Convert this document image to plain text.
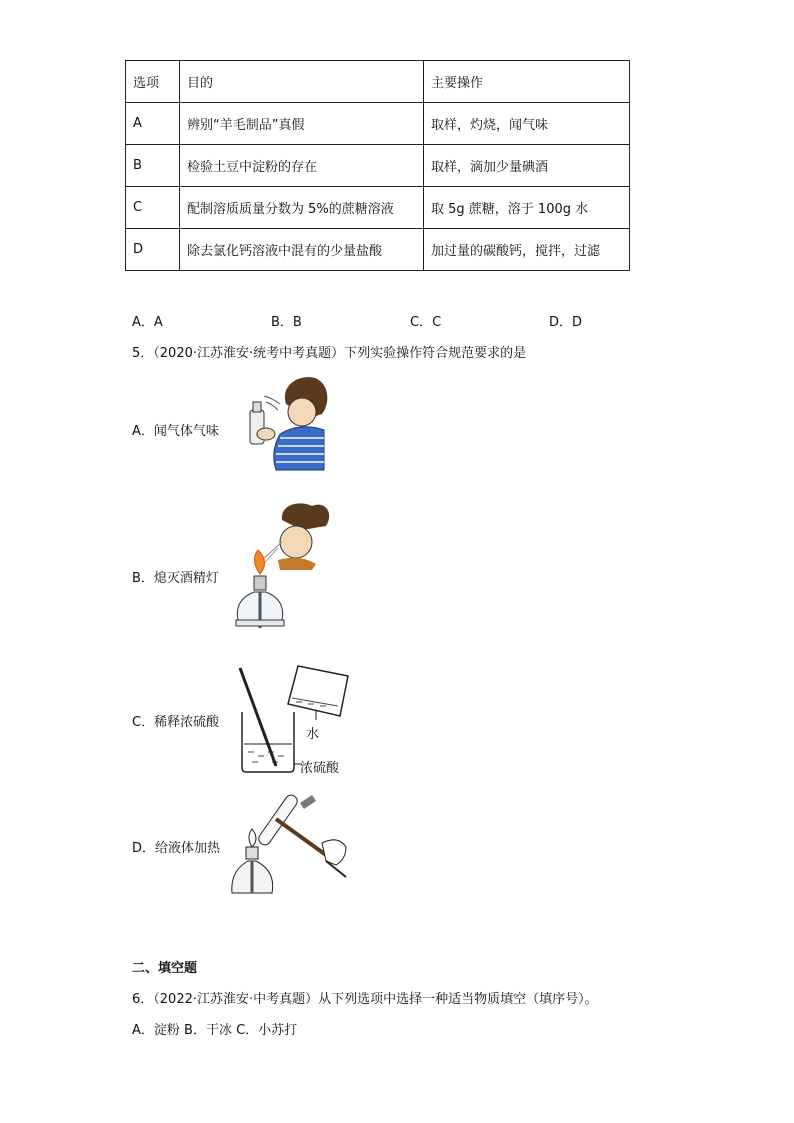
选项	目的	主要操作
A	辨别“羊毛制品”真假	取样，灼烧，闻气味
B	检验土豆中淀粉的存在	取样，滴加少量碘酒
C	配制溶质质量分数为 5%的蔗糖溶液	取 5g 蔗糖，溶于 100g 水
D	除去氯化钙溶液中混有的少量盐酸	加过量的碳酸钙，搅拌，过滤
A．A	B．B	C．C	D．D
5．（2020·江苏淮安·统考中考真题）下列实验操作符合规范要求的是
A．闻气体气味
B．熄灭酒精灯
C．稀释浓硫酸
水
浓硫酸
D．给液体加热
二、填空题
6．（2022·江苏淮安·中考真题）从下列选项中选择一种适当物质填空（填序号）。
A．淀粉 B．干冰 C．小苏打
